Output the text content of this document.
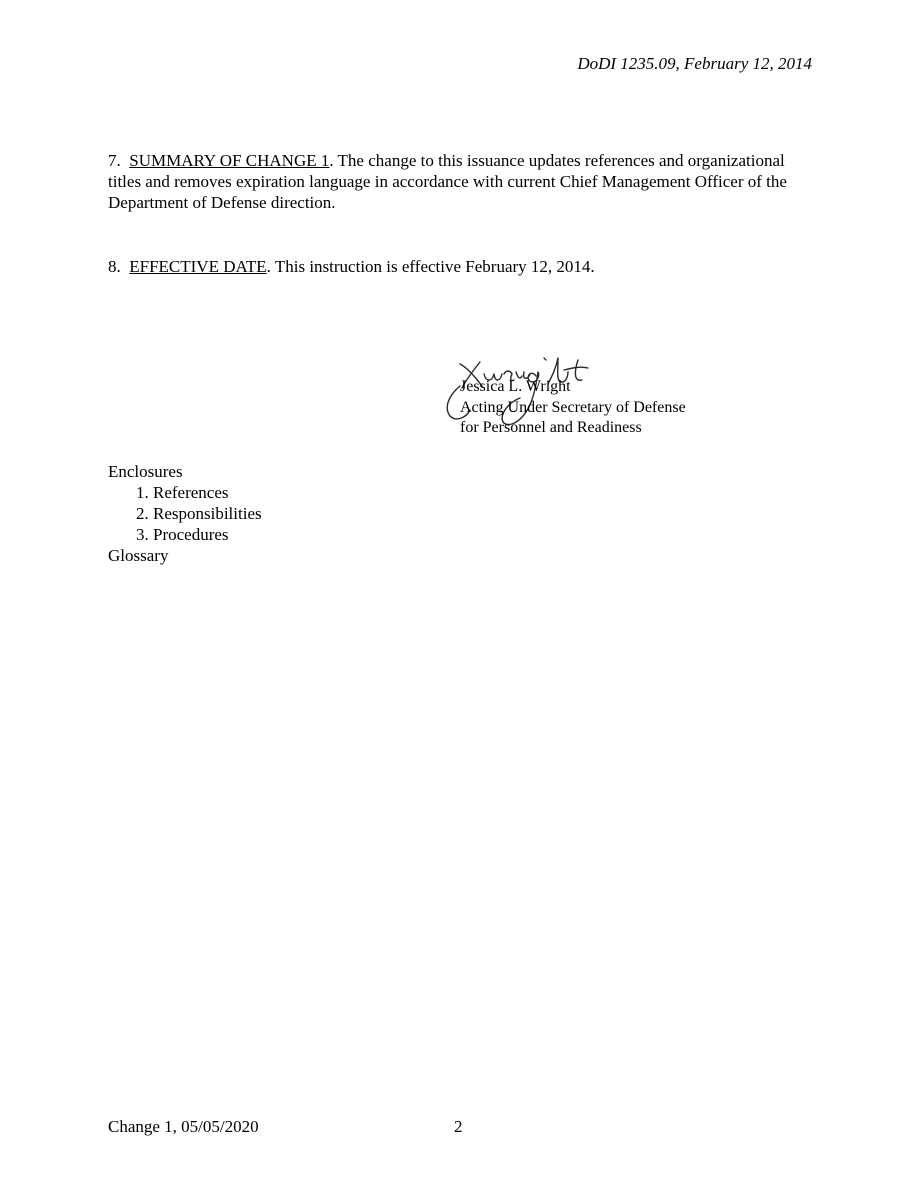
DoDI 1235.09, February 12, 2014
7. SUMMARY OF CHANGE 1. The change to this issuance updates references and organizational titles and removes expiration language in accordance with current Chief Management Officer of the Department of Defense direction.
8. EFFECTIVE DATE. This instruction is effective February 12, 2014.
Jessica L. Wright
Acting Under Secretary of Defense
for Personnel and Readiness
Enclosures
1. References
2. Responsibilities
3. Procedures
Glossary
Change 1, 05/05/2020	2
